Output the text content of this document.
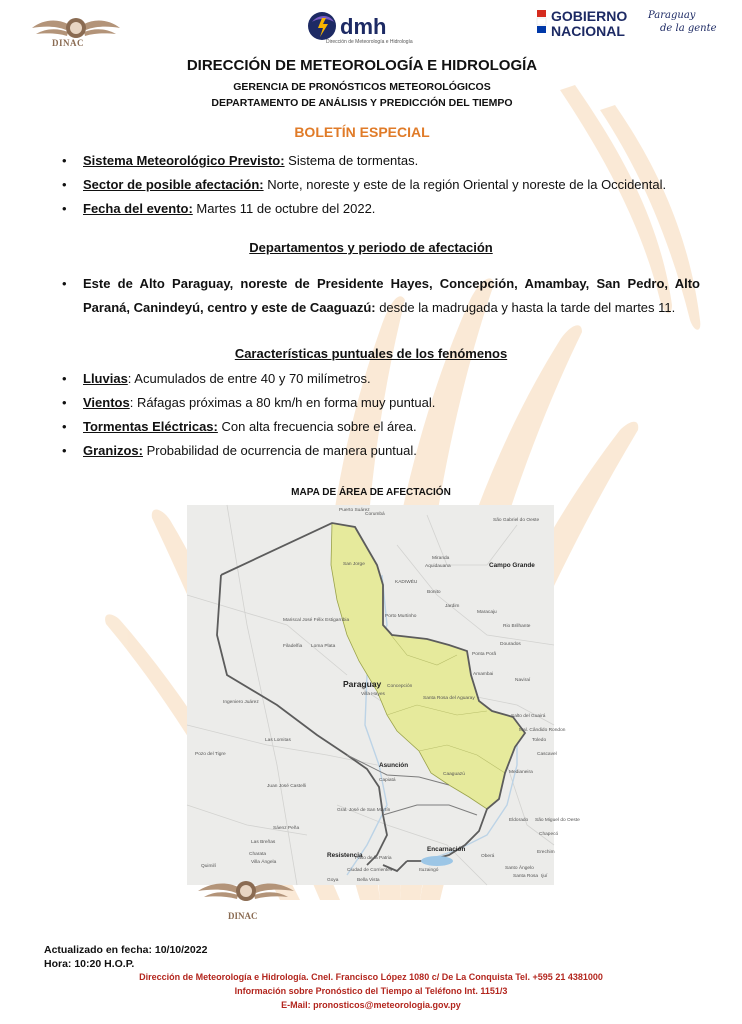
DINAC
dmh
Dirección de Meteorología e Hidrología
GOBIERNO
NACIONAL
Paraguay
de la gente
DIRECCIÓN DE METEOROLOGÍA E HIDROLOGÍA
GERENCIA DE PRONÓSTICOS METEOROLÓGICOS
DEPARTAMENTO DE ANÁLISIS Y PREDICCIÓN DEL TIEMPO
BOLETÍN ESPECIAL
• Sistema Meteorológico Previsto: Sistema de tormentas.
• Sector de posible afectación: Norte, noreste y este de la región Oriental y noreste de la Occidental.
• Fecha del evento: Martes 11 de octubre del 2022.
Departamentos y periodo de afectación
• Este de Alto Paraguay, noreste de Presidente Hayes, Concepción, Amambay, San Pedro, Alto Paraná, Canindeyú, centro y este de Caaguazú: desde la madrugada y hasta la tarde del martes 11.
Características puntuales de los fenómenos
• Lluvias: Acumulados de entre 40 y 70 milímetros.
• Vientos: Ráfagas próximas a 80 km/h en forma muy puntual.
• Tormentas Eléctricas: Con alta frecuencia sobre el área.
• Granizos: Probabilidad de ocurrencia de manera puntual.
MAPA DE ÁREA DE AFECTACIÓN
Puerto Suárez
Corumbá
São Gabriel do Oeste
Miranda
Aquidauana
San Jorge
KADIWÉU
Bonito
Jardim
Maracaju
Porto Murtinho
Rio Brilhante
Ponta Porã
Dourados
Amambai
Naviraí
Mariscal José Félix Estigarribia
Filadelfia Loma Plata
Concepción
Villa Hayes
Santa Rosa del Aguaray
Ingeniero Juárez
Las Lomitas
Pozo del Tigre
Juan José Castelli
Sáenz Peña
Las Breñas
Charata
Villa Ángela
Quimilí
Gral. José de San Martín
Paso de la Patria
Ciudad de Corrientes
Capiatá
Caaguazú
Salto del Guairá
Mal. Cândido Rondon
Toledo
Cascavel
Medianeira
Eldorado São Miguel do Oeste
Chapecó
Erechim
Oberá
Ituzaingó	Santo Ângelo
Santa Rosa Ijuí
Bella Vista
Goya
Campo Grande
Asunción
Encarnación
Resistencia
Paraguay
DINAC
Actualizado en fecha: 10/10/2022
Hora: 10:20 H.O.P.
Dirección de Meteorología e Hidrología. Cnel. Francisco López 1080 c/ De La Conquista Tel. +595 21 4381000
Información sobre Pronóstico del Tiempo al Teléfono Int. 1151/3
E-Mail: pronosticos@meteorologia.gov.py
